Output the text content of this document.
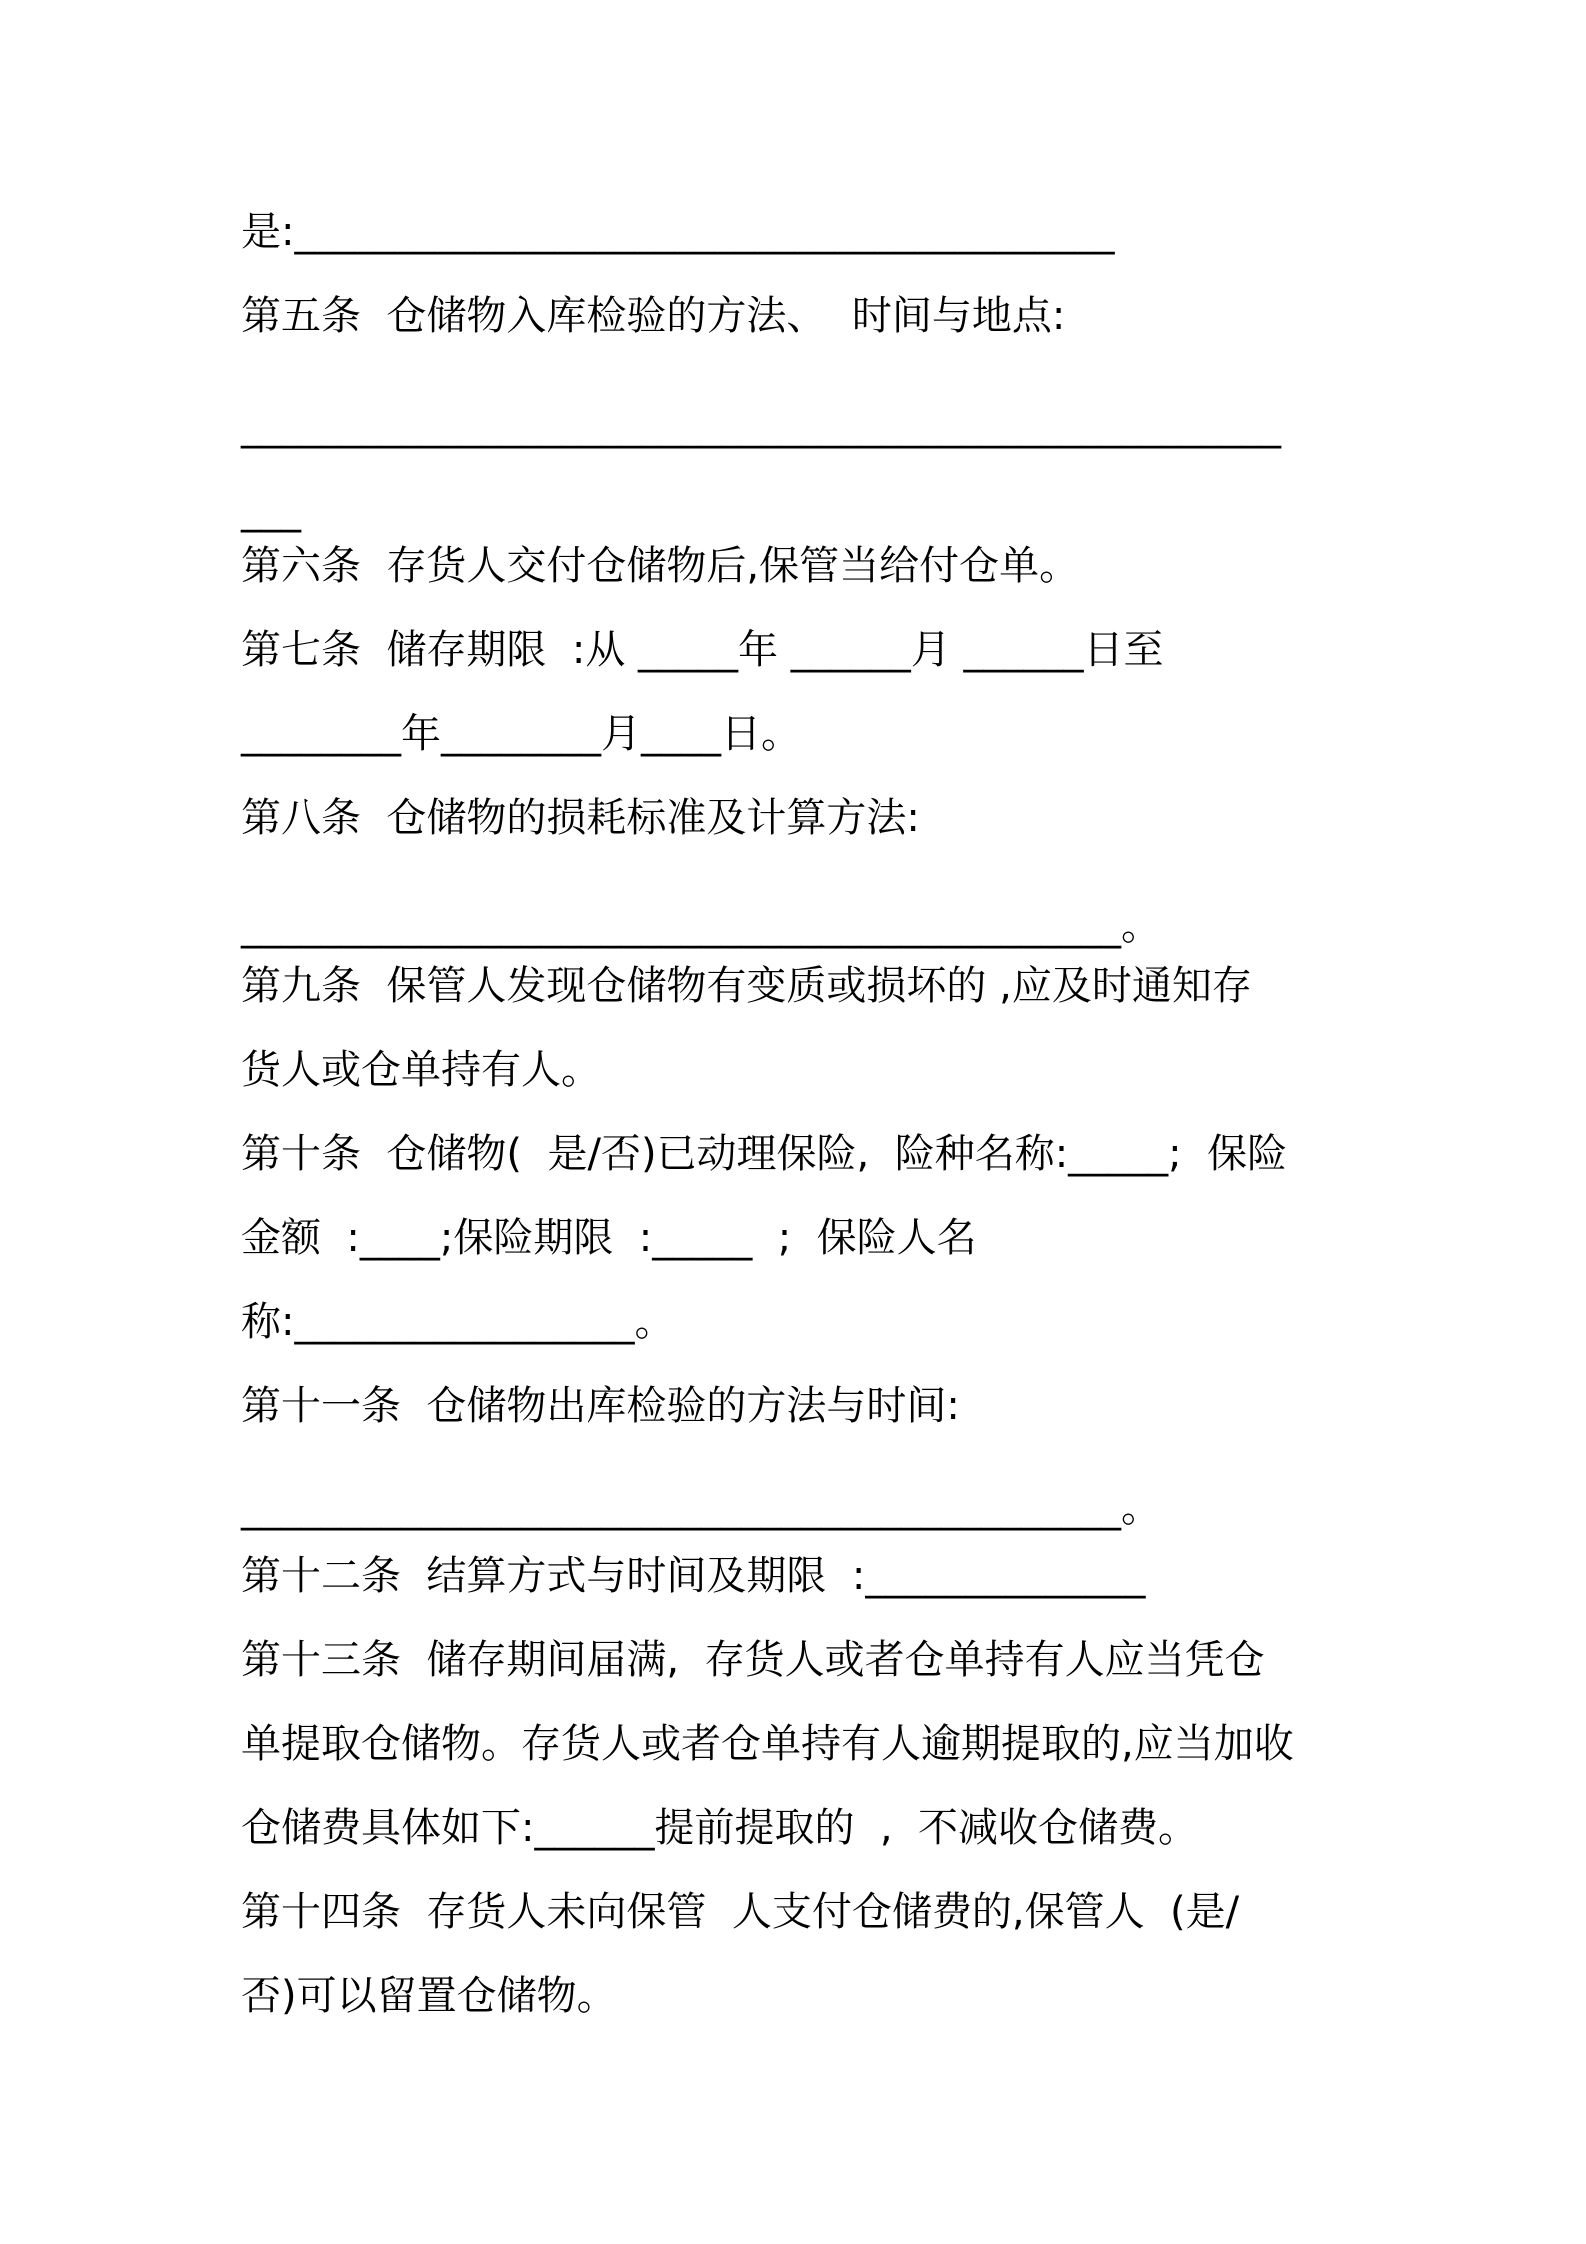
是:_________________________________________
第五条  仓储物入库检验的方法、  时间与地点:
____________________________________________________
___
第六条  存货人交付仓储物后,保管当给付仓单。
第七条  储存期限  :从 _____年 ______月 ______日至
________年________月____日。
第八条  仓储物的损耗标准及计算方法:
____________________________________________。
第九条  保管人发现仓储物有变质或损坏的 ,应及时通知存
货人或仓单持有人。
第十条  仓储物(  是/否)已动理保险,  险种名称:_____;  保险
金额  :____;保险期限  :_____  ;  保险人名
称:_________________。
第十一条  仓储物出库检验的方法与时间:
____________________________________________。
第十二条  结算方式与时间及期限  :______________
第十三条  储存期间届满,  存货人或者仓单持有人应当凭仓
单提取仓储物。存货人或者仓单持有人逾期提取的,应当加收
仓储费具体如下:______提前提取的  ,  不减收仓储费。
第十四条  存货人未向保管  人支付仓储费的,保管人  (是/
否)可以留置仓储物。
